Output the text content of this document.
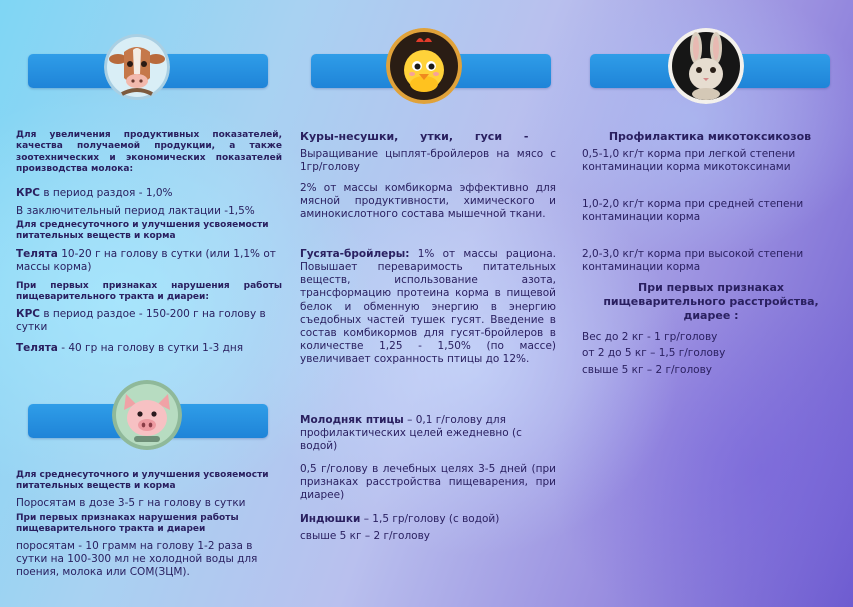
Для увеличения продуктивных показателей, качества получаемой продукции, а также зоотехнических и экономических показателей производства молока:
КРС в период раздоя - 1,0%
В заключительный период лактации -1,5%
Для среднесуточного и улучшения усвояемости питательных веществ и корма
Телята 10-20 г на голову в сутки (или 1,1% от массы корма)
При первых признаках нарушения работы пищеварительного тракта и диареи:
КРС в период раздое - 150-200 г на голову в сутки
Телята - 40 гр на голову в сутки 1-3 дня
Для среднесуточного и улучшения усвояемости питательных веществ и корма
Поросятам в дозе 3-5 г на голову в сутки
При первых признаках нарушения работы пищеварительного тракта и диареи
поросятам - 10 грамм на голову 1-2 раза в сутки на 100-300 мл не холодной воды для поения, молока или СОМ(ЗЦМ).
Куры-несушки, утки, гуси -
Выращивание цыплят-бройлеров на мясо с 1гр/голову
2% от массы комбикорма эффективно для мясной продуктивности, химического и аминокислотного состава мышечной ткани.
Гусята-бройлеры: 1% от массы рациона. Повышает переваримость питательных веществ, использование азота, трансформацию протеина корма в пищевой белок и обменную энергию в энергию съедобных частей тушек гусят. Введение в состав комбикормов для гусят-бройлеров в количестве 1,25 - 1,50% (по массе) увеличивает сохранность птицы до 12%.
Молодняк птицы – 0,1 г/голову для профилактических целей ежедневно (с водой)
0,5 г/голову в лечебных целях 3-5 дней (при признаках расстройства пищеварения, при диарее)
Индюшки – 1,5 гр/голову (с водой)
свыше 5 кг – 2 г/голову
Профилактика микотоксикозов
0,5-1,0 кг/т корма при легкой степени контаминации корма микотоксинами
1,0-2,0 кг/т корма при средней степени контаминации корма
2,0-3,0 кг/т корма при высокой степени контаминации корма
При первых признаках пищеварительного расстройства, диарее :
Вес до 2 кг - 1 гр/голову
от 2 до 5 кг – 1,5 г/голову
свыше 5 кг – 2 г/голову
